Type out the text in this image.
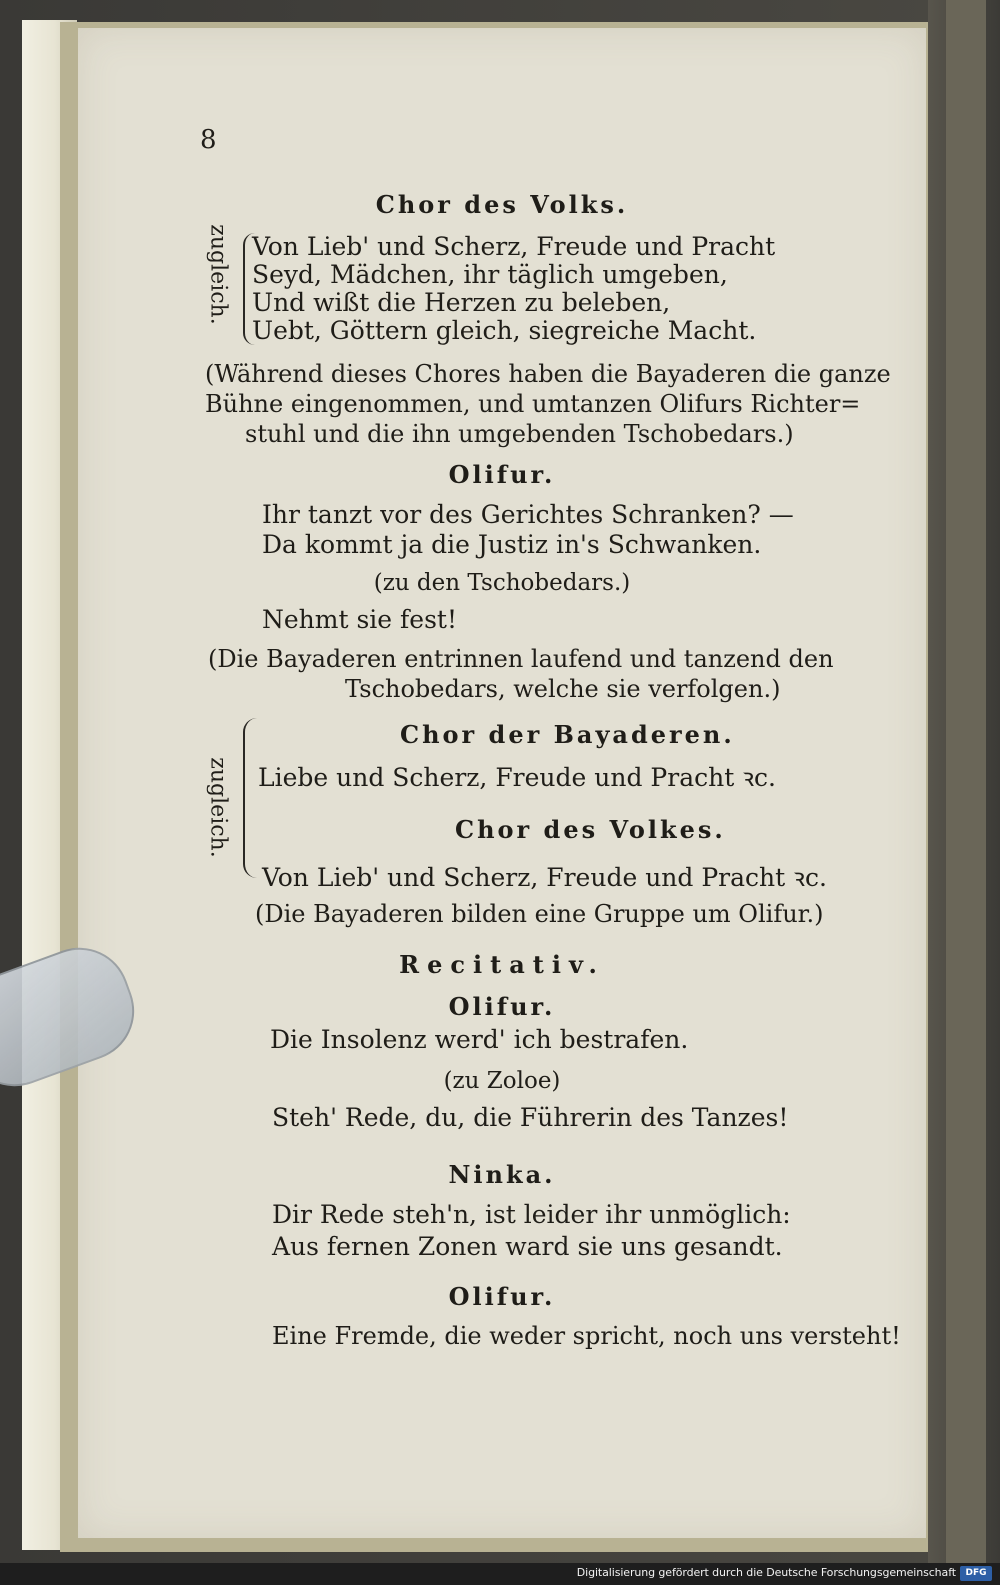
8
Chor des Volks.
zugleich. Von Lieb' und Scherz, Freude und Pracht
Seyd, Mädchen, ihr täglich umgeben,
Und wißt die Herzen zu beleben,
Uebt, Göttern gleich, siegreiche Macht.
(Während dieses Chores haben die Bayaderen die ganze
Bühne eingenommen, und umtanzen Olifurs Richter=
stuhl und die ihn umgebenden Tschobedars.)
Olifur.
Ihr tanzt vor des Gerichtes Schranken? —
Da kommt ja die Justiz in's Schwanken.
(zu den Tschobedars.)
Nehmt sie fest!
(Die Bayaderen entrinnen laufend und tanzend den
Tschobedars, welche sie verfolgen.)
zugleich.
Chor der Bayaderen.
Liebe und Scherz, Freude und Pracht ꝛc.
Chor des Volkes.
Von Lieb' und Scherz, Freude und Pracht ꝛc.
(Die Bayaderen bilden eine Gruppe um Olifur.)
Recitativ.
Olifur.
Die Insolenz werd' ich bestrafen.
(zu Zoloe)
Steh' Rede, du, die Führerin des Tanzes!
Ninka.
Dir Rede steh'n, ist leider ihr unmöglich:
Aus fernen Zonen ward sie uns gesandt.
Olifur.
Eine Fremde, die weder spricht, noch uns versteht!
Digitalisierung gefördert durch die Deutsche Forschungsgemeinschaft	DFG
